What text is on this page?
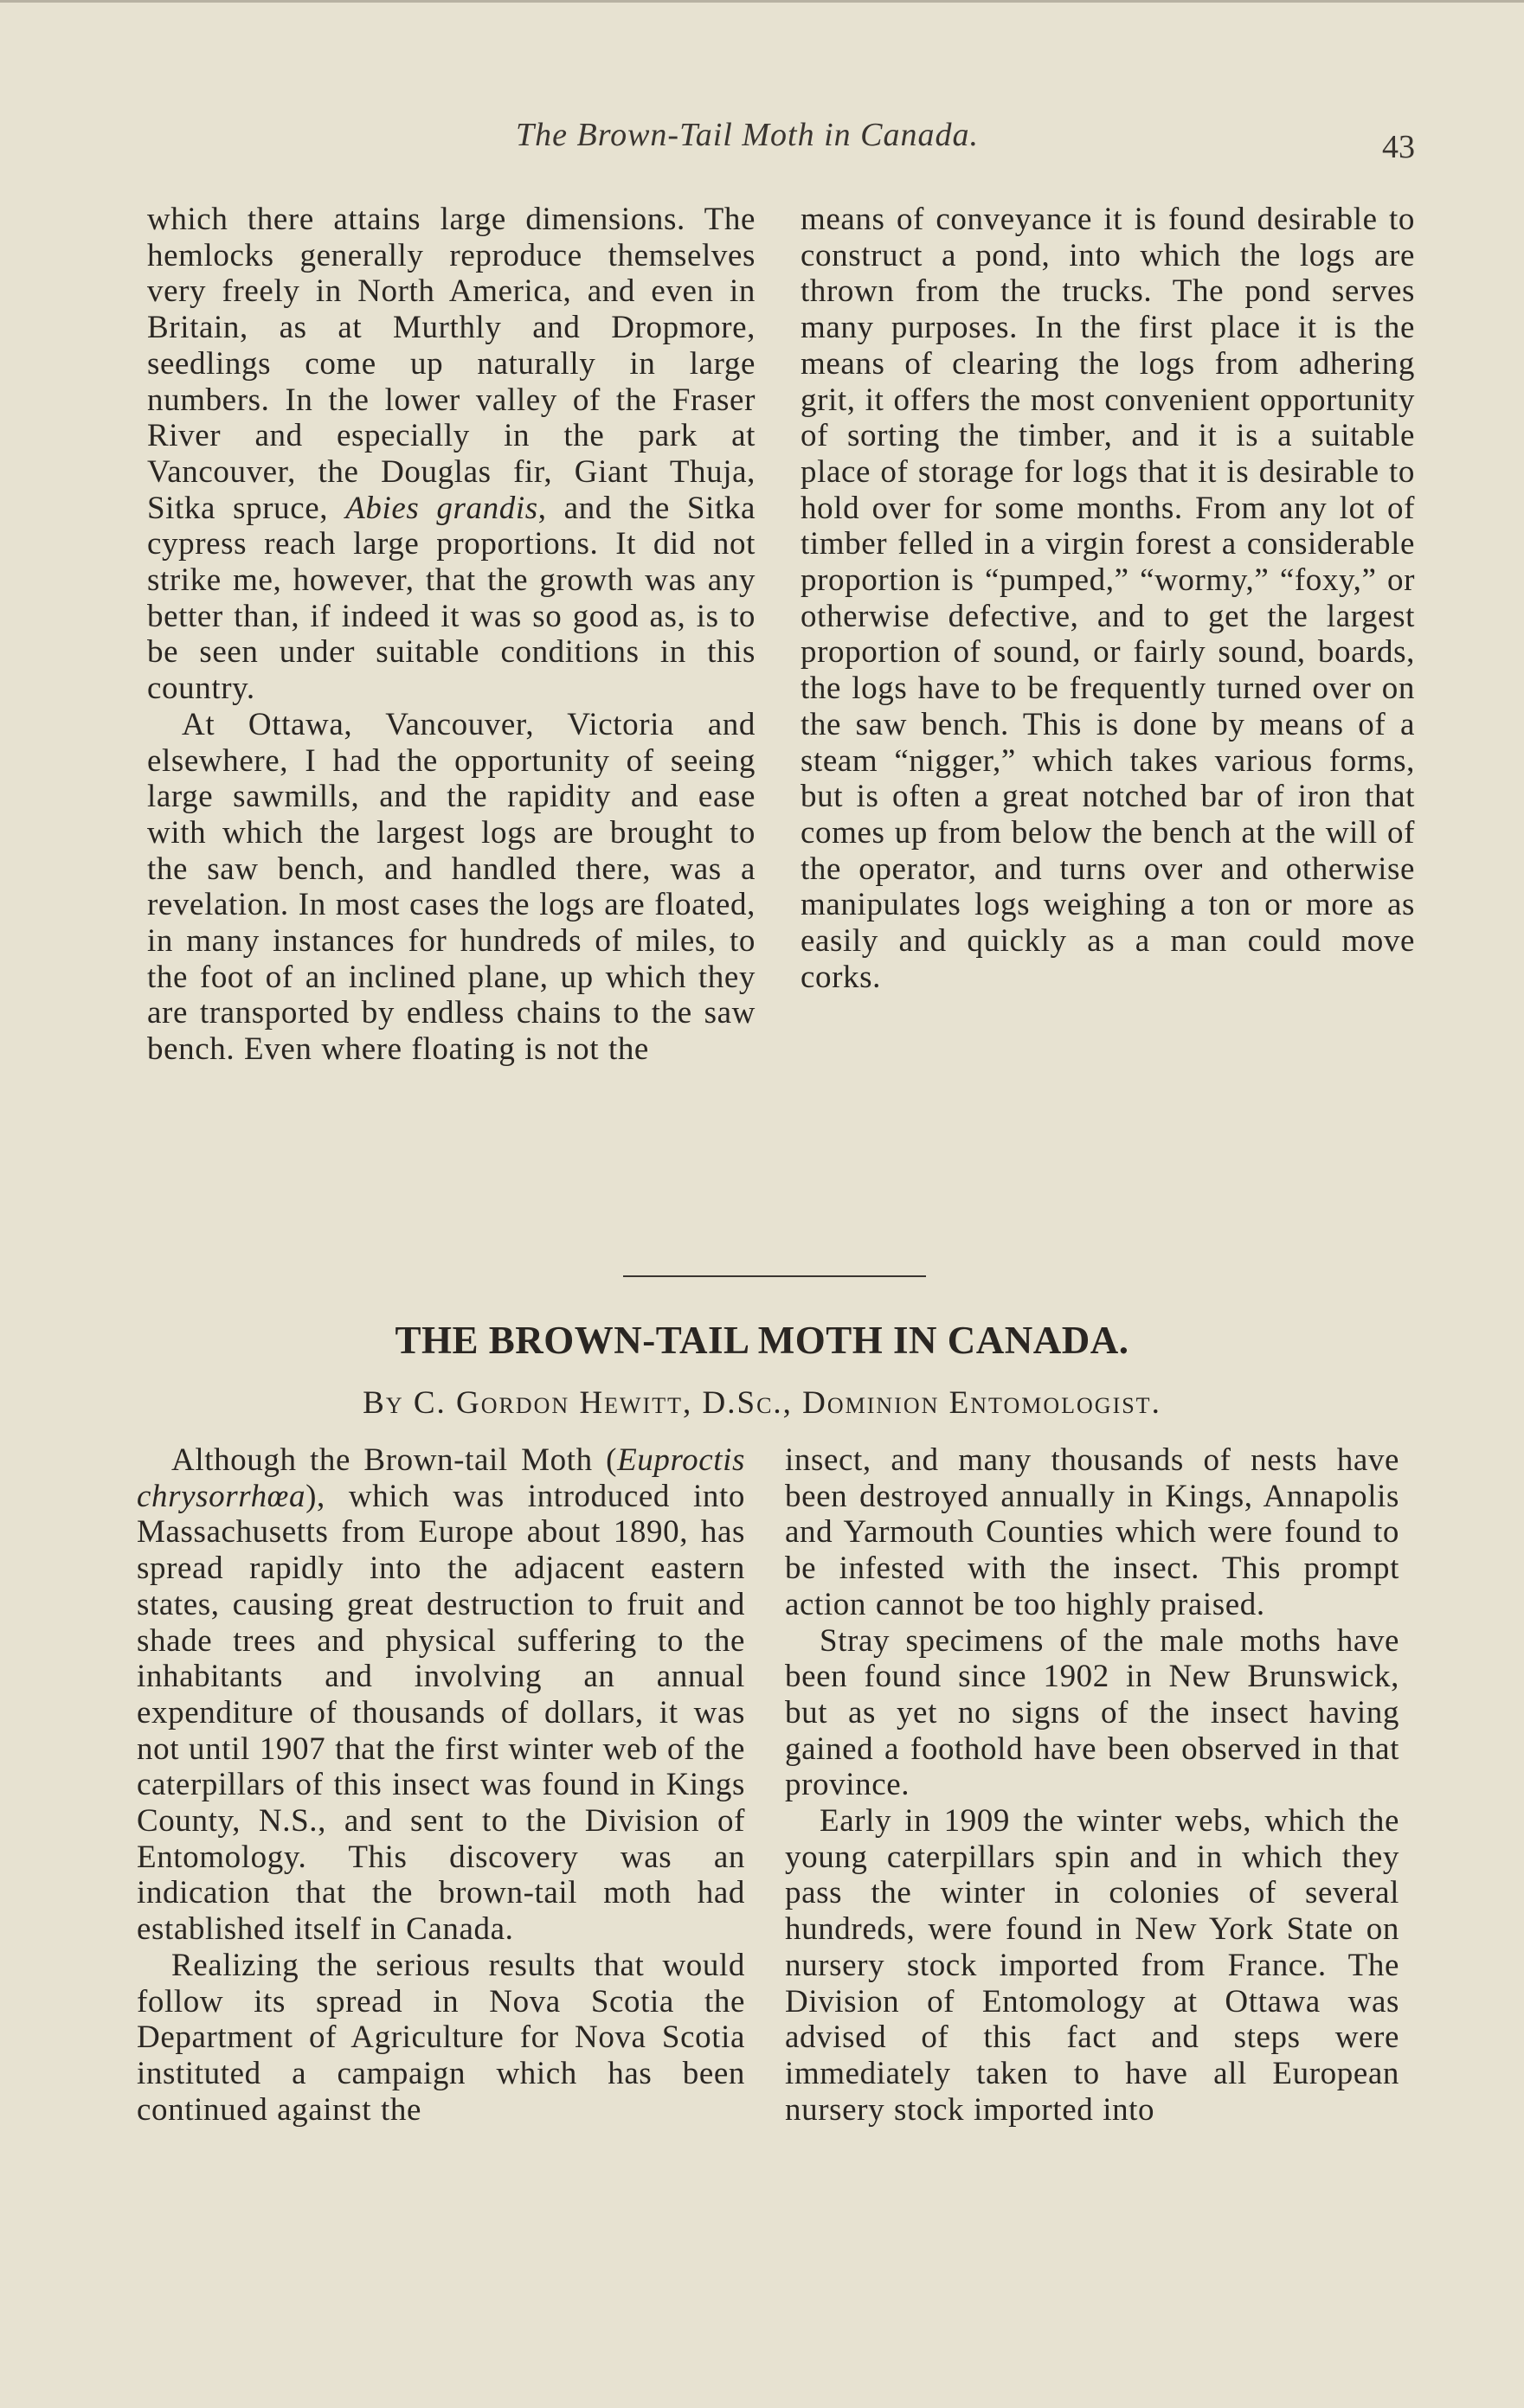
The Brown-Tail Moth in Canada.	43

which there attains large dimensions. The hemlocks generally reproduce themselves very freely in North America, and even in Britain, as at Murthly and Dropmore, seedlings come up naturally in large numbers. In the lower valley of the Fraser River and especially in the park at Vancouver, the Douglas fir, Giant Thuja, Sitka spruce, Abies grandis, and the Sitka cypress reach large proportions. It did not strike me, however, that the growth was any better than, if indeed it was so good as, is to be seen under suitable conditions in this country.

At Ottawa, Vancouver, Victoria and elsewhere, I had the opportunity of seeing large sawmills, and the rapidity and ease with which the largest logs are brought to the saw bench, and handled there, was a revelation. In most cases the logs are floated, in many instances for hundreds of miles, to the foot of an inclined plane, up which they are transported by endless chains to the saw bench. Even where floating is not the

means of conveyance it is found desirable to construct a pond, into which the logs are thrown from the trucks. The pond serves many purposes. In the first place it is the means of clearing the logs from adhering grit, it offers the most convenient opportunity of sorting the timber, and it is a suitable place of storage for logs that it is desirable to hold over for some months. From any lot of timber felled in a virgin forest a considerable proportion is “pumped,” “wormy,” “foxy,” or otherwise defective, and to get the largest proportion of sound, or fairly sound, boards, the logs have to be frequently turned over on the saw bench. This is done by means of a steam “nigger,” which takes various forms, but is often a great notched bar of iron that comes up from below the bench at the will of the operator, and turns over and otherwise manipulates logs weighing a ton or more as easily and quickly as a man could move corks.

THE BROWN-TAIL MOTH IN CANADA.
By C. Gordon Hewitt, D.Sc., Dominion Entomologist.

Although the Brown-tail Moth (Euproctis chrysorrhœa), which was introduced into Massachusetts from Europe about 1890, has spread rapidly into the adjacent eastern states, causing great destruction to fruit and shade trees and physical suffering to the inhabitants and involving an annual expenditure of thousands of dollars, it was not until 1907 that the first winter web of the caterpillars of this insect was found in Kings County, N.S., and sent to the Division of Entomology. This discovery was an indication that the brown-tail moth had established itself in Canada.

Realizing the serious results that would follow its spread in Nova Scotia the Department of Agriculture for Nova Scotia instituted a campaign which has been continued against the

insect, and many thousands of nests have been destroyed annually in Kings, Annapolis and Yarmouth Counties which were found to be infested with the insect. This prompt action cannot be too highly praised.

Stray specimens of the male moths have been found since 1902 in New Brunswick, but as yet no signs of the insect having gained a foothold have been observed in that province.

Early in 1909 the winter webs, which the young caterpillars spin and in which they pass the winter in colonies of several hundreds, were found in New York State on nursery stock imported from France. The Division of Entomology at Ottawa was advised of this fact and steps were immediately taken to have all European nursery stock imported into
